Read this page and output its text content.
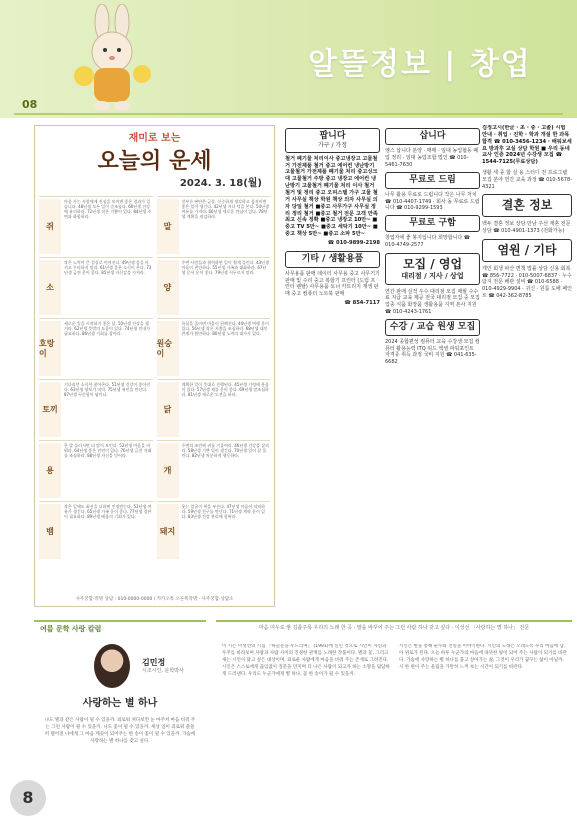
08
알뜰정보 | 창업
재미로 보는
오늘의 운세
2024. 3. 18(월)
쥐
마음 가는 사람에게 진심을 보이면 좋은 결과가 있습니다. 48년생 모든 일이 순조롭다. 60년생 건강에 유의하라. 72년생 작은 기쁨이 있다. 84년생 주변과 화합하라.
말
섣부른 판단은 금물. 신중하게 생각하고 움직이면 좋은 일이 생긴다. 42년생 자녀 덕을 본다. 54년생 여유를 가져라. 66년생 새로운 만남이 있다. 78년생 계획을 점검하라.
소
작은 노력이 큰 결실로 이어진다. 49년생 몸을 아끼고 무리하지 말라. 61년생 좋은 소식이 온다. 73년생 금전 운이 좋다. 85년생 자신감을 가져라.
양
주변 사람들과 협력하면 일이 쉽게 풀린다. 43년생 마음이 편안하다. 55년생 가족과 대화하라. 67년생 문서 운이 좋다. 79년생 서두르지 말라.
호랑이
새로운 일을 시작하기 좋은 날. 50년생 건강을 챙겨라. 62년생 뜻밖의 도움이 있다. 74년생 인내가 필요하다. 86년생 기회를 잡아라.
원숭이
욕심을 줄이면 마음이 편해진다. 44년생 여행 운이 있다. 56년생 작은 지출을 조심하라. 68년생 대인관계가 원만하다. 80년생 노력의 대가가 있다.
토끼
기다리던 소식이 찾아온다. 51년생 건강이 좋아진다. 63년생 양보가 미덕. 75년생 귀인을 만난다. 87년생 꾸준함이 답이다.
닭
계획한 일이 뜻대로 진행된다. 45년생 가정에 웃음이 있다. 57년생 재물 운이 좋다. 69년생 말조심하라. 81년생 새로운 도전을 하라.
용
한 발 물러서면 더 많이 보인다. 52년생 마음을 비워라. 64년생 좋은 인연이 있다. 76년생 금전 거래를 조심하라. 88년생 자신을 믿어라.
개
주변의 조언에 귀를 기울여라. 46년생 건강을 살펴라. 58년생 기쁜 일이 생긴다. 70년생 일이 잘 풀린다. 82년생 차분하게 행동하라.
뱀
작은 일에도 최선을 다하면 인정받는다. 53년생 여유가 생긴다. 65년생 가족 운이 좋다. 77년생 결단이 필요하다. 89년생 배움의 기회가 있다.
돼지
웃는 얼굴이 복을 부른다. 47년생 마음이 넉넉하다. 59년생 친구를 만난다. 71년생 계약 운이 있다. 83년생 건강 관리에 힘써라.
사주궁합·작명 상담 : 010-0000-0000 / 카카오톡 오른쪽작명 · 사주궁합·상담소
팝니다
가구 / 가정
철거 폐기물 처리이사 중고냉장고 고물철거 가전제품 철거 중고 에어컨 냉난방기 고물철거 가전제품 폐기물 처리 중고싱크대 고물철거 주방 중고 냉장고 에어컨 냉난방기 고물철거 폐기물 처리 이사 철거 철거 및 정리 중고 오피스텔 가구 고물 철거 사무실 책상 학원 책상 의자 사무실 의자 당일 철거 ■중고 사무가구 사무실 정리 정리 철거 ■중고 철거 전문 고객 만족 최고 신속 정확 ■중고 냉장고 10만~ ■중고 TV 5만~ ■중고 세탁기 10만~ ■중고 책상 5만~ ■중고 소파 5만~
☎ 010-9899-2198
기타 / 생활용품
사무용품 판매 데이터 사무용 중고 사무기기 판매 및 수리 중고 복합기 프린터 (드럼 프린터 렌탈) 사무용품 토너 카트리지 재생 판매 중고 컴퓨터 노트북 판매
☎ 854-7117
삽니다
엠스 삽니다 분양 · 매매 · 임대 농업협동 폐업 정리 · 임대 농업조합 법인 ☎ 010-5461-7630
무료로 드림
나무 활용 무료로 드립니다 작은 나무 처치 ☎ 010-4407-1749 · 회사 돌 무료로 드립니다 ☎ 010-9299-1593
무료로 구함
창업자에 좋 봉지입니다 희망합니다 ☎ 010-4749-2577
모집 / 영업
대리점 / 지사 / 상업
연간 판매 실적 우수 대리점 모집 매월 수수료 지급 교육 제공 전국 대리점 모집 중 모집 업종 식품 화장품 생활용품 지역 본사 지원 ☎ 010-4243-1761
수강 / 교습 원생 모집
2024 종합편성 컴퓨터 교육 수강생 모집 컴퓨터 활용능력 ITQ 워드 엑셀 파워포인트 자격증 취득 과정 국비 지원 ☎ 041-635-6682
검정고시(한글 · 초 · 중 · 고졸) 시험 안내 · 취업 · 진학 · 학과 개설 한 과목 합격 ☎ 010-3456-1234 · 배워보세요 방과후 교실 상담 학원 ■ 우리 동네 교사 인증 2024년 수강생 모집 ☎ 1544-7125(무료상담)
생활 세 종 합 실 용 스터디 전 프로그램 모집 분야 연간 교육 과정 ☎ 010-5678-4321
결혼 정보
백두 결혼 정보 상담 만남 주선 재혼 전문 상담 ☎ 010-4901-1373 (전화가능)
염원 / 기타
개인 회생 파산 면책 법률 상담 신용 회복 ☎ 856-7722 · 010-5007-6837 · 누수 탐지 전문 배관 설비 ☎ 010-6588 · 010-4929-9904 · 귀신 · 원룸 도배 페인트 ☎ 042-362-8785
여름 문학 사랑 칼럼
김민정
시조시인, 문학박사
사랑하는 별 하나
나도 별과 같은 사람이 될 수 있을까. 외로워 쳐다보면 눈 마주쳐 마음 비춰 주는 그런 사람이 될 수 있을까. 나도 꽃이 될 수 있을까. 세상 일이 괴로워 쓸쓸히 떨어질 나에게 그 마음 깨끗이 되어주는 한 송이 꽃이 될 수 있을까. 가슴에 사랑하는 별 하나를 갖고 싶다.
마음 여우로 쌓 김좁주목 우리의 노래 한 곡 · 말을 바꾸어 주는 그런 사람 하나 갖고 싶다 · 이성선 「사랑하는 별 하나」 전문
이 시는 이성선의 시집 『하늘문을 두드리며』 (1991)에 실린 것으로 시인이 자연과 우주를 바라보며 사람과 사람 사이의 진정한 관계를 노래한 작품이다. 별과 꽃, 그리고 새는 시인이 닮고 싶은 대상이며, 외로운 사람에게 마음을 비춰 주는 존재로 그려진다. 시인은 스스로에게 끊임없이 질문을 던지며 더 나은 사람이 되고자 하는 소망을 담담하게 드러낸다. 우리도 누군가에게 별 하나, 꽃 한 송이가 될 수 있을까.
시인은 별을 통해 순수와 진실을 이야기한다. 시인의 노래는 오래도록 우리 마음에 남아 위로가 된다. 오늘 하루 누군가의 마음에 따뜻한 빛이 되어 주는 사람이 되기를 바란다. 가슴에 사랑하는 별 하나를 품고 살아가는 삶, 그것이 우리가 꿈꾸는 삶이 아닐까. 시 한 편이 주는 울림을 가만히 느껴 보는 시간이 되기를 바란다.
8
